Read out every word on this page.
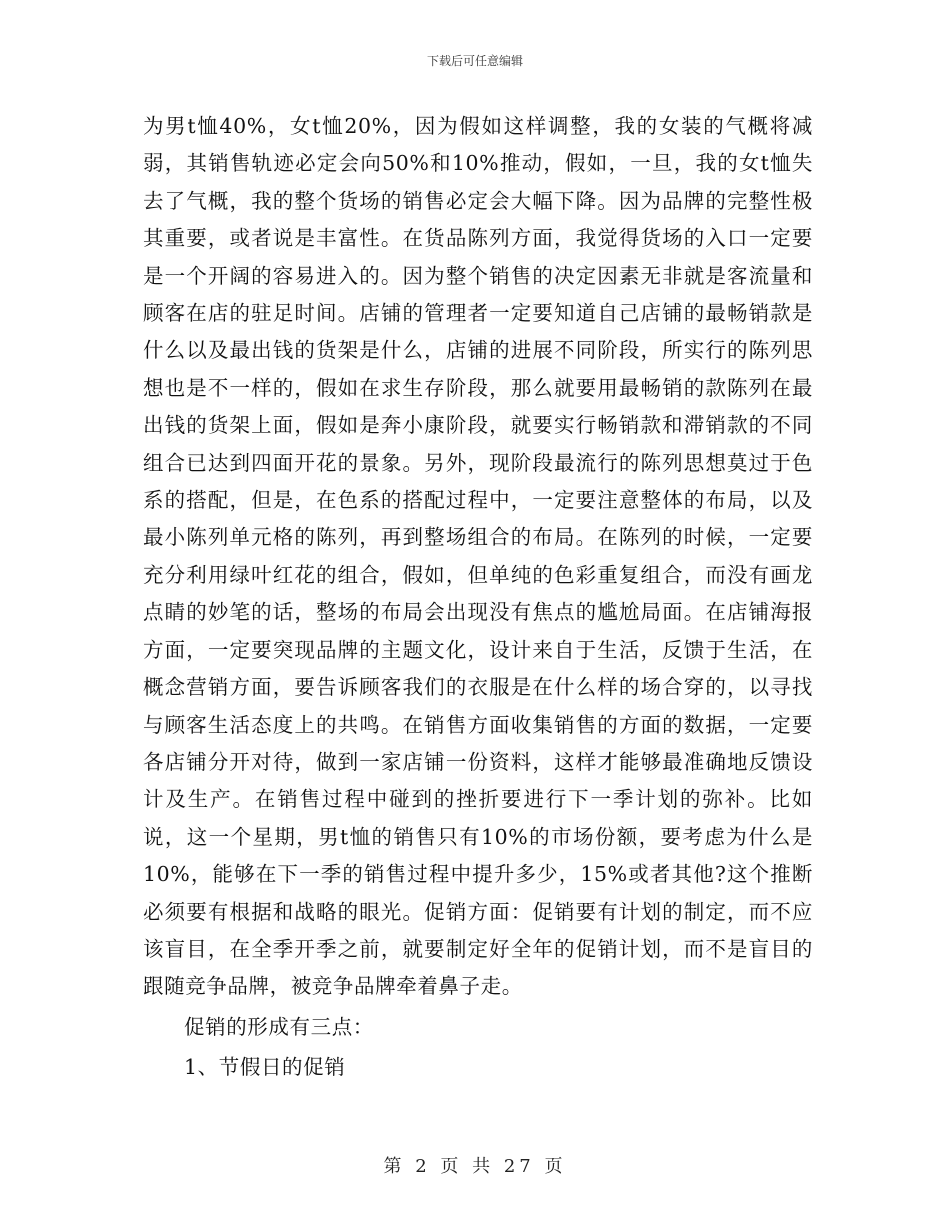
下载后可任意编辑

为男t恤40%，女t恤20%，因为假如这样调整，我的女装的气概将减弱，其销售轨迹必定会向50%和10%推动，假如，一旦，我的女t恤失去了气概，我的整个货场的销售必定会大幅下降。因为品牌的完整性极其重要，或者说是丰富性。在货品陈列方面，我觉得货场的入口一定要是一个开阔的容易进入的。因为整个销售的决定因素无非就是客流量和顾客在店的驻足时间。店铺的管理者一定要知道自己店铺的最畅销款是什么以及最出钱的货架是什么，店铺的进展不同阶段，所实行的陈列思想也是不一样的，假如在求生存阶段，那么就要用最畅销的款陈列在最出钱的货架上面，假如是奔小康阶段，就要实行畅销款和滞销款的不同组合已达到四面开花的景象。另外，现阶段最流行的陈列思想莫过于色系的搭配，但是，在色系的搭配过程中，一定要注意整体的布局，以及最小陈列单元格的陈列，再到整场组合的布局。在陈列的时候，一定要充分利用绿叶红花的组合，假如，但单纯的色彩重复组合，而没有画龙点睛的妙笔的话，整场的布局会出现没有焦点的尴尬局面。在店铺海报方面，一定要突现品牌的主题文化，设计来自于生活，反馈于生活，在概念营销方面，要告诉顾客我们的衣服是在什么样的场合穿的，以寻找与顾客生活态度上的共鸣。在销售方面收集销售的方面的数据，一定要各店铺分开对待，做到一家店铺一份资料，这样才能够最准确地反馈设计及生产。在销售过程中碰到的挫折要进行下一季计划的弥补。比如说，这一个星期，男t恤的销售只有10%的市场份额，要考虑为什么是10%，能够在下一季的销售过程中提升多少，15%或者其他?这个推断必须要有根据和战略的眼光。促销方面：促销要有计划的制定，而不应该盲目，在全季开季之前，就要制定好全年的促销计划，而不是盲目的跟随竞争品牌，被竞争品牌牵着鼻子走。

促销的形成有三点：

1、节假日的促销

第 2 页 共 27 页
